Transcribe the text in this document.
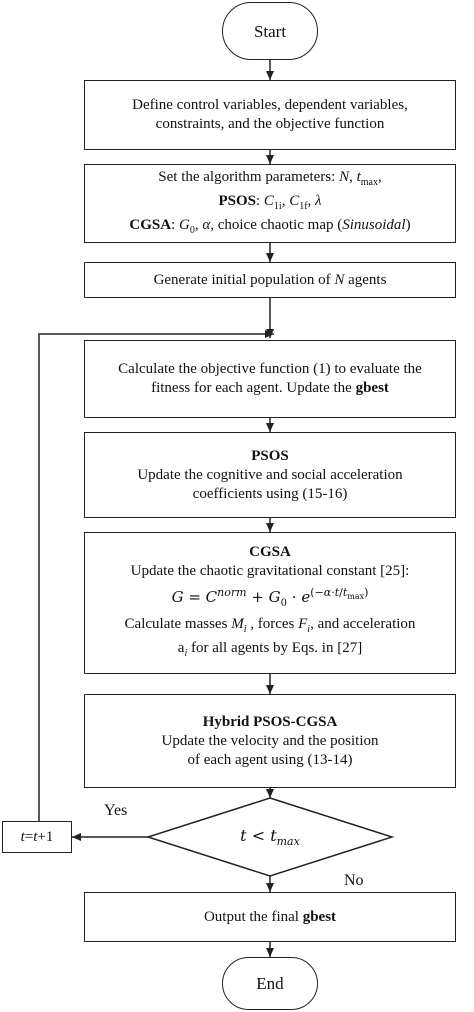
Start
Define control variables, dependent variables,
constraints, and the objective function
Set the algorithm parameters: N, $t_{max}$,
PSOS: $C_{1i}$, $C_{1f}$, λ
CGSA: $G_0$, α, choice chaotic map (Sinusoidal)
Generate initial population of N agents
Calculate the objective function (1) to evaluate the
fitness for each agent. Update the gbest
PSOS
Update the cognitive and social acceleration
coefficients using (15-16)
CGSA
Update the chaotic gravitational constant [25]:
$G = C^{norm} + G_0 \cdot e^{(-\alpha\cdot t/t_{max})}$
Calculate masses $M_i$ , forces $F_i$, and acceleration
$a_i$ for all agents by Eqs. in [27]
Hybrid PSOS-CGSA
Update the velocity and the position
of each agent using (13-14)
$t < t_{max}$
Yes
No
t=t+1
Output the final gbest
End
